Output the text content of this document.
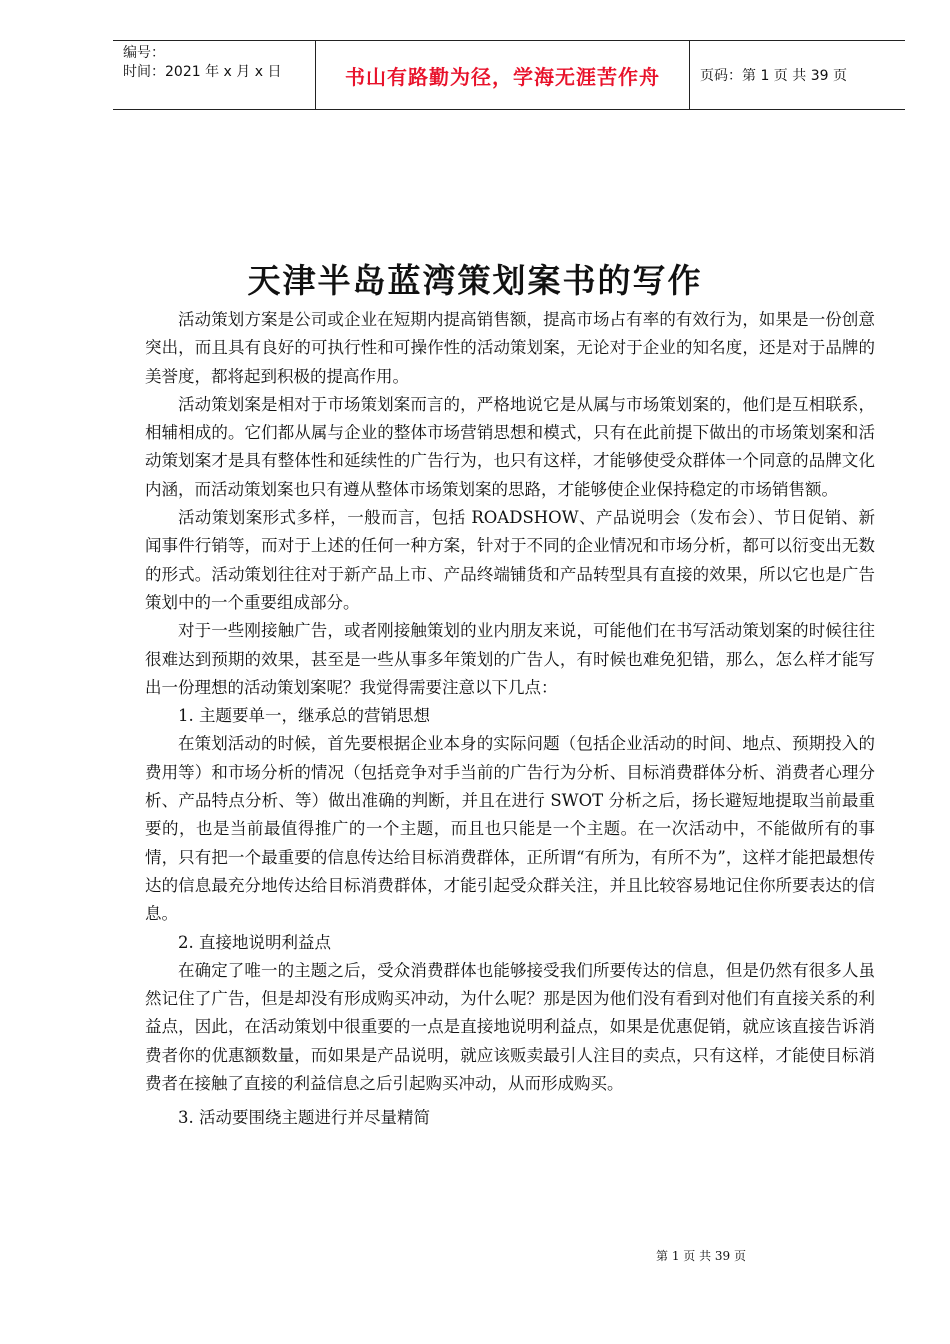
编号：
时间：2021 年 x 月 x 日	书山有路勤为径，学海无涯苦作舟	页码：第 1 页 共 39 页
天津半岛蓝湾策划案书的写作

活动策划方案是公司或企业在短期内提高销售额，提高市场占有率的有效行为，如果是一份创意突出，而且具有良好的可执行性和可操作性的活动策划案，无论对于企业的知名度，还是对于品牌的美誉度，都将起到积极的提高作用。

活动策划案是相对于市场策划案而言的，严格地说它是从属与市场策划案的，他们是互相联系，相辅相成的。它们都从属与企业的整体市场营销思想和模式，只有在此前提下做出的市场策划案和活动策划案才是具有整体性和延续性的广告行为，也只有这样，才能够使受众群体一个同意的品牌文化内涵，而活动策划案也只有遵从整体市场策划案的思路，才能够使企业保持稳定的市场销售额。

活动策划案形式多样，一般而言，包括 ROADSHOW、产品说明会（发布会）、节日促销、新闻事件行销等，而对于上述的任何一种方案，针对于不同的企业情况和市场分析，都可以衍变出无数的形式。活动策划往往对于新产品上市、产品终端铺货和产品转型具有直接的效果，所以它也是广告策划中的一个重要组成部分。

对于一些刚接触广告，或者刚接触策划的业内朋友来说，可能他们在书写活动策划案的时候往往很难达到预期的效果，甚至是一些从事多年策划的广告人，有时候也难免犯错，那么，怎么样才能写出一份理想的活动策划案呢？我觉得需要注意以下几点：

1. 主题要单一，继承总的营销思想

在策划活动的时候，首先要根据企业本身的实际问题（包括企业活动的时间、地点、预期投入的费用等）和市场分析的情况（包括竞争对手当前的广告行为分析、目标消费群体分析、消费者心理分析、产品特点分析、等）做出准确的判断，并且在进行 SWOT 分析之后，扬长避短地提取当前最重要的，也是当前最值得推广的一个主题，而且也只能是一个主题。在一次活动中，不能做所有的事情，只有把一个最重要的信息传达给目标消费群体，正所谓“有所为，有所不为”，这样才能把最想传达的信息最充分地传达给目标消费群体，才能引起受众群关注，并且比较容易地记住你所要表达的信息。

2. 直接地说明利益点

在确定了唯一的主题之后，受众消费群体也能够接受我们所要传达的信息，但是仍然有很多人虽然记住了广告，但是却没有形成购买冲动，为什么呢？那是因为他们没有看到对他们有直接关系的利益点，因此，在活动策划中很重要的一点是直接地说明利益点，如果是优惠促销，就应该直接告诉消费者你的优惠额数量，而如果是产品说明，就应该贩卖最引人注目的卖点，只有这样，才能使目标消费者在接触了直接的利益信息之后引起购买冲动，从而形成购买。

3. 活动要围绕主题进行并尽量精简

第 1 页 共 39 页
